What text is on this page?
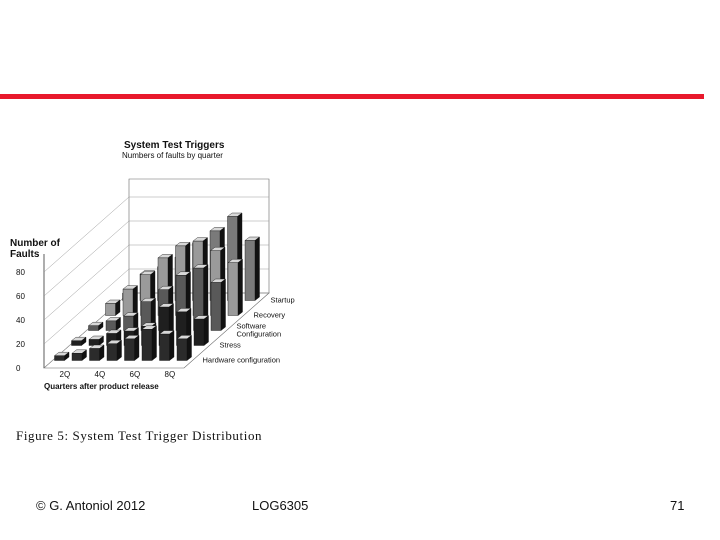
System Test Triggers
Numbers of faults by quarter
Number of Faults
Quarters after product release
0
20
40
60
80
2Q	4Q	6Q	8Q
Startup
Recovery
Software Configuration
Stress
Hardware configuration
Figure 5: System Test Trigger Distribution
© G. Antoniol 2012	LOG6305	71
